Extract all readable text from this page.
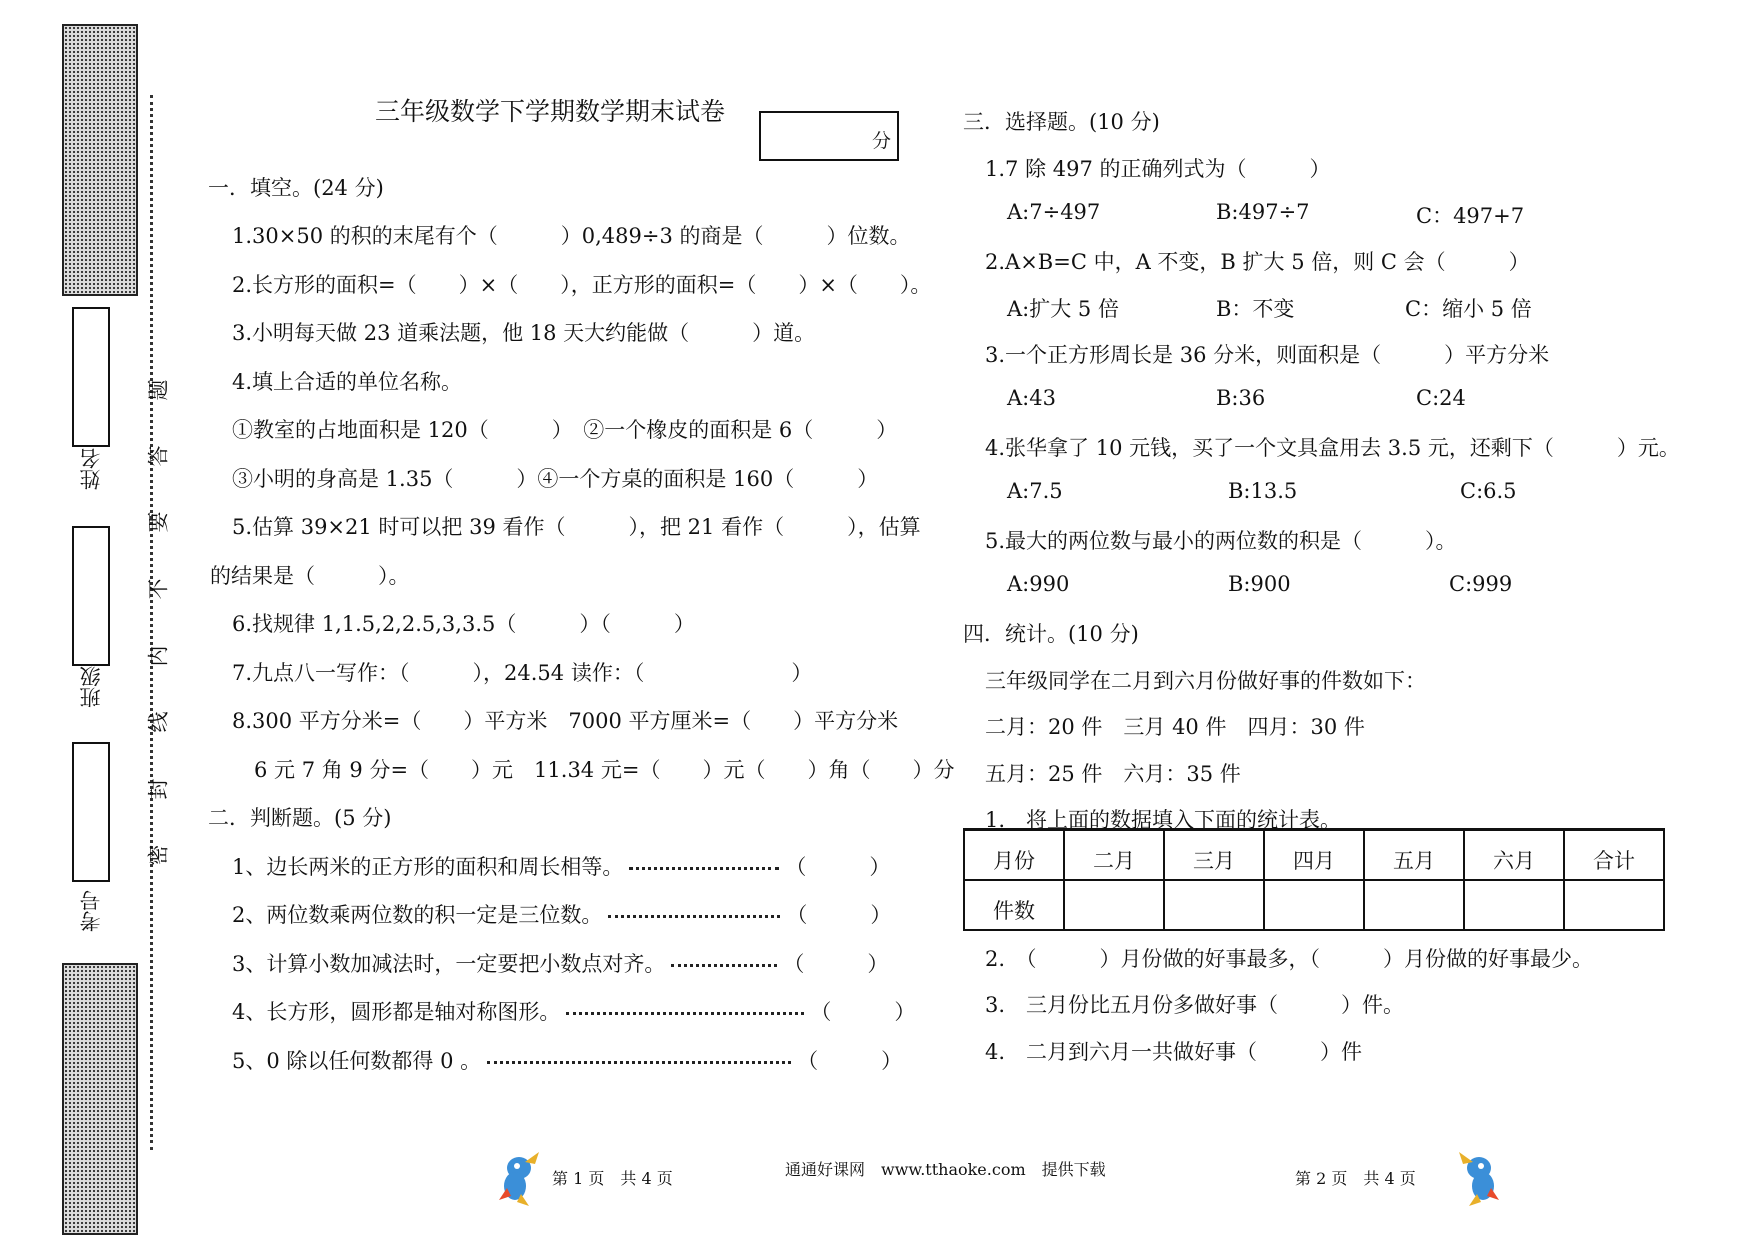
姓名
班级
考号
题
答
要
不
内
线
封
密
三年级数学下学期数学期末试卷
分
一．填空。(24 分)
1.30×50 的积的末尾有个（　　　）0,489÷3 的商是（　　　）位数。
2.长方形的面积=（　　）×（　　），正方形的面积=（　　）×（　　）。
3.小明每天做 23 道乘法题，他 18 天大约能做（　　　）道。
4.填上合适的单位名称。
①教室的占地面积是 120（　　　）　②一个橡皮的面积是 6（　　　）
③小明的身高是 1.35（　　　）④一个方桌的面积是 160（　　　）
5.估算 39×21 时可以把 39 看作（　　　），把 21 看作（　　　），估算
的结果是（　　　）。
6.找规律 1,1.5,2,2.5,3,3.5（　　　）（　　　）
7.九点八一写作：（　　　），24.54 读作：（　　　　　　　）
8.300 平方分米=（　　）平方米　7000 平方厘米=（　　）平方分米
6 元 7 角 9 分=（　　）元　11.34 元=（　　）元（　　）角（　　）分
二．判断题。(5 分)
1、边长两米的正方形的面积和周长相等。	（　　　）
2、两位数乘两位数的积一定是三位数。	（　　　）
3、计算小数加减法时，一定要把小数点对齐。	（　　　）
4、长方形，圆形都是轴对称图形。	（　　　）
5、0 除以任何数都得 0 。	（　　　）
三．选择题。(10 分)
1.7 除 497 的正确列式为（　　　）
A:7÷497	B:497÷7	C：497+7
2.A×B=C 中，A 不变，B 扩大 5 倍，则 C 会（　　　）
A:扩大 5 倍	B：不变	C：缩小 5 倍
3.一个正方形周长是 36 分米，则面积是（　　　）平方分米
A:43	B:36	C:24
4.张华拿了 10 元钱，买了一个文具盒用去 3.5 元，还剩下（　　　）元。
A:7.5	B:13.5	C:6.5
5.最大的两位数与最小的两位数的积是（　　　）。
A:990	B:900	C:999
四．统计。(10 分)
三年级同学在二月到六月份做好事的件数如下：
二月：20 件　三月 40 件　四月：30 件
五月：25 件　六月：35 件
1.　将上面的数据填入下面的统计表。
月份	二月	三月	四月	五月	六月	合计
件数						
2.　（　　　）月份做的好事最多，（　　　）月份做的好事最少。
3.　三月份比五月份多做好事（　　　）件。
4.　二月到六月一共做好事（　　　）件
第 1 页　共 4 页	通通好课网　www.tthaoke.com　提供下载	第 2 页　共 4 页
